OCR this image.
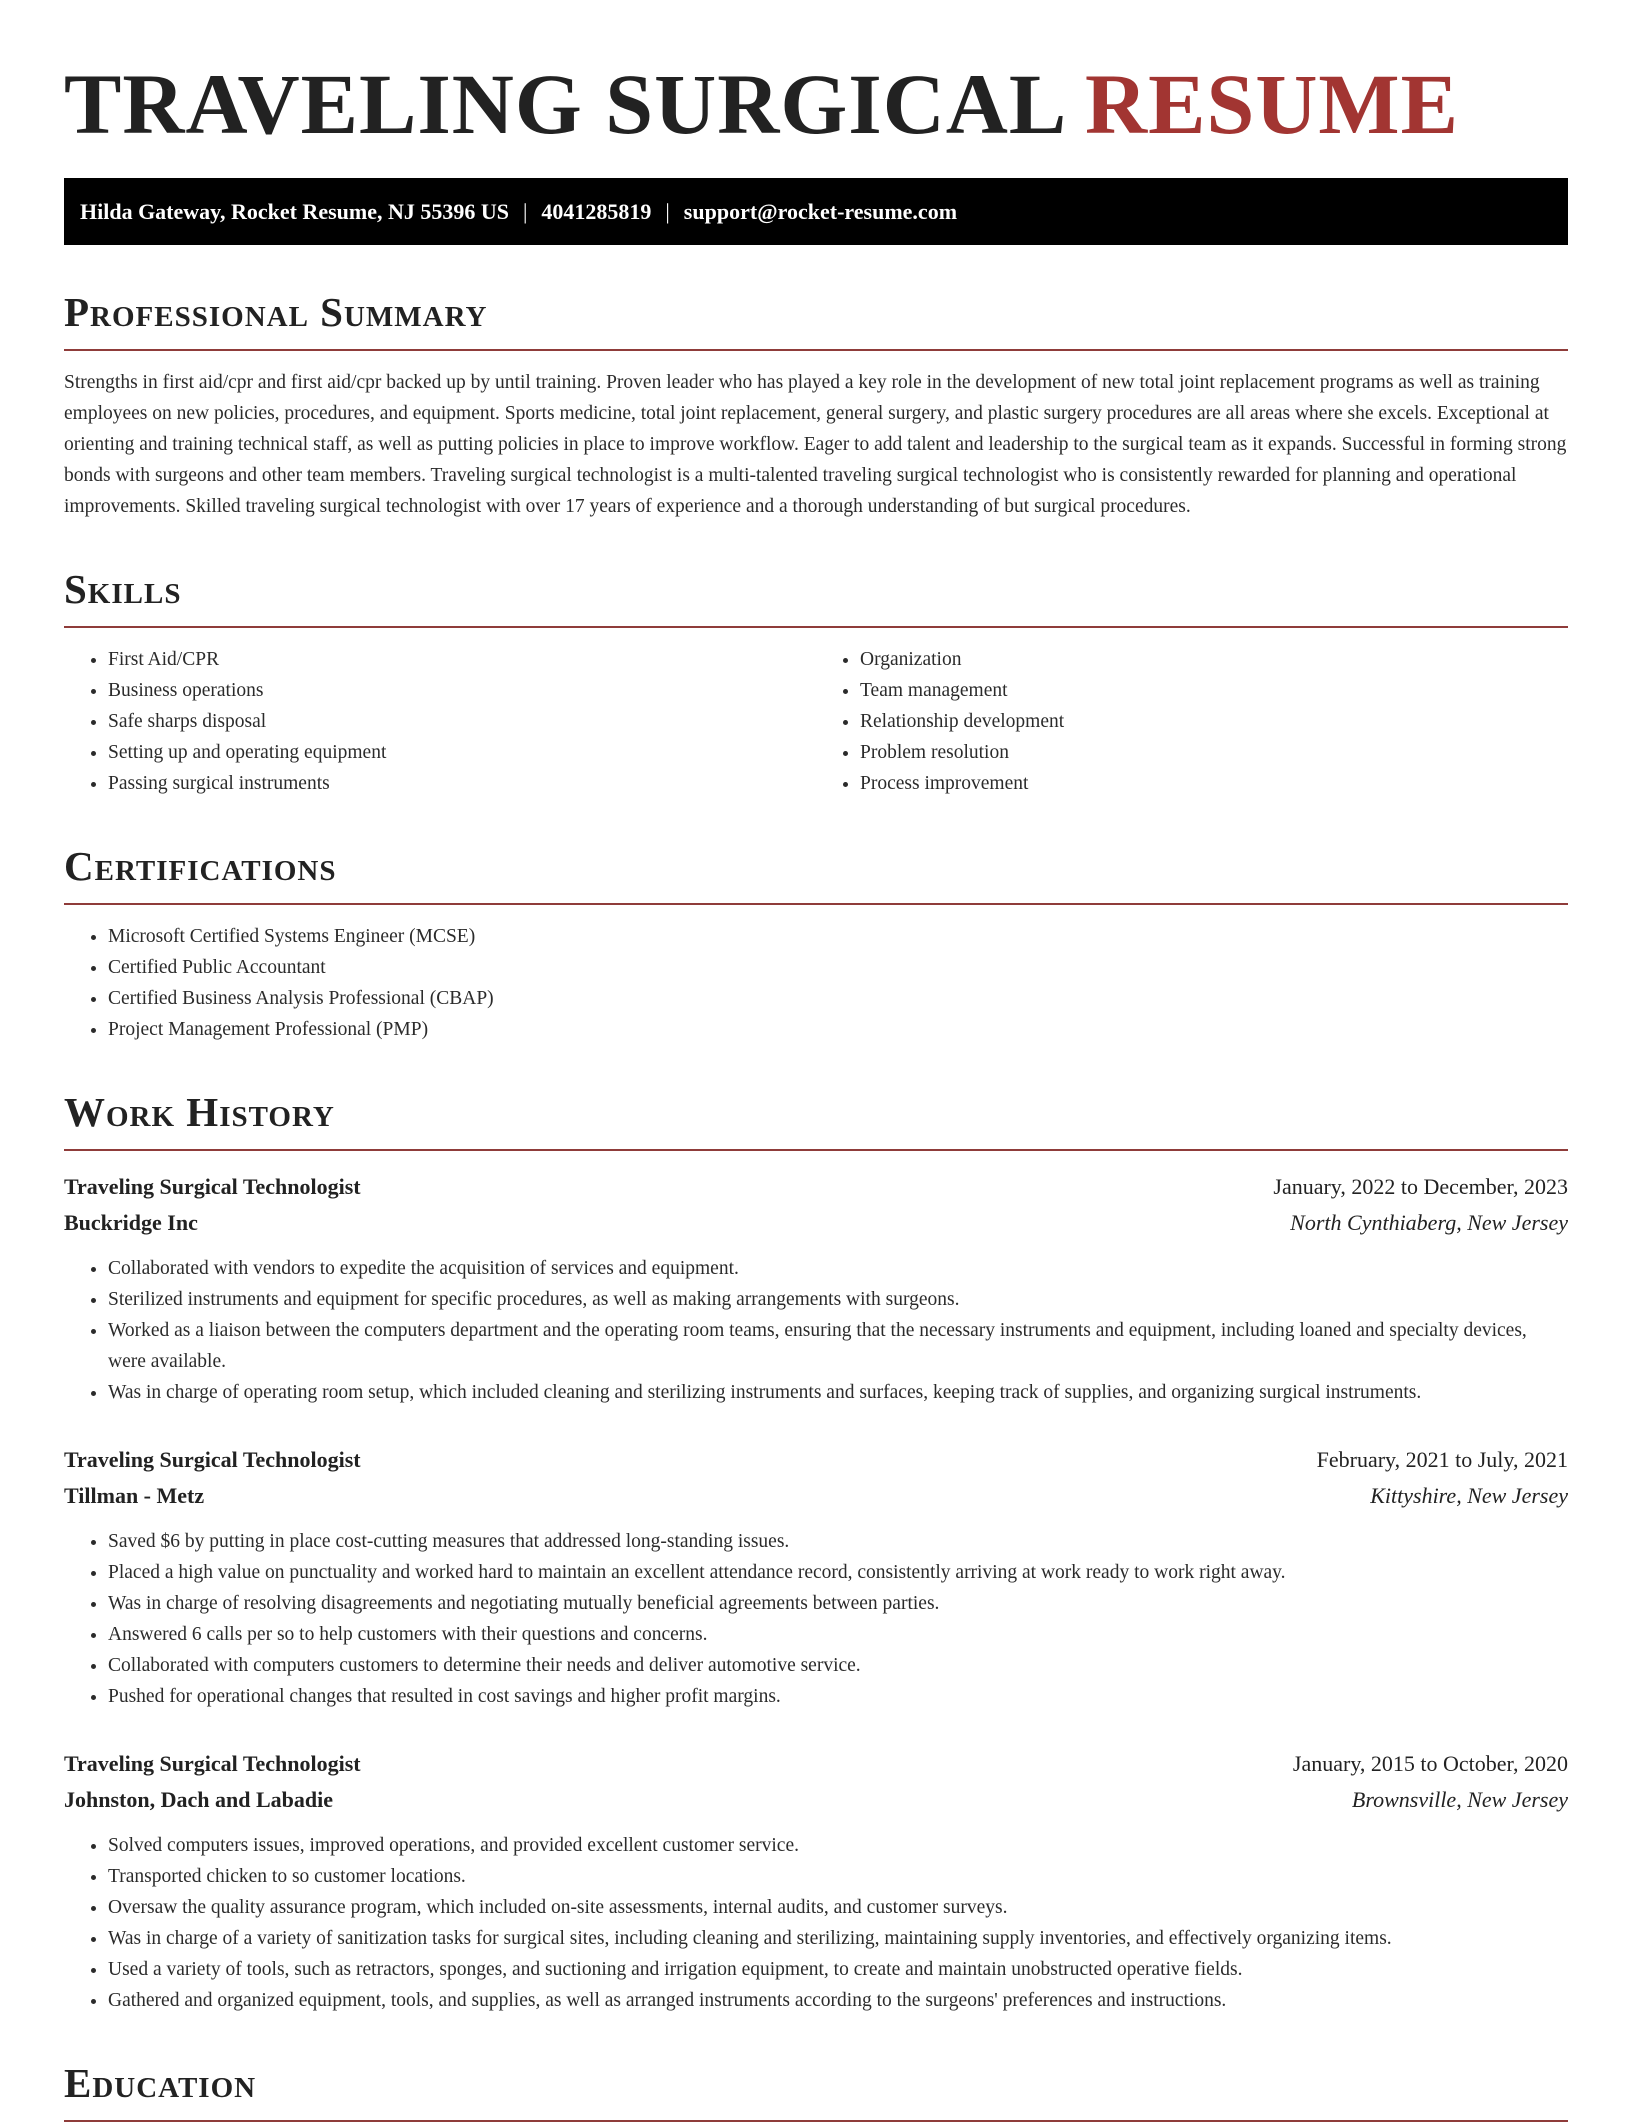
TRAVELING SURGICAL RESUME
Hilda Gateway, Rocket Resume, NJ 55396 US | 4041285819 | support@rocket-resume.com
Professional Summary

Strengths in first aid/cpr and first aid/cpr backed up by until training. Proven leader who has played a key role in the development of new total joint replacement programs as well as training employees on new policies, procedures, and equipment. Sports medicine, total joint replacement, general surgery, and plastic surgery procedures are all areas where she excels. Exceptional at orienting and training technical staff, as well as putting policies in place to improve workflow. Eager to add talent and leadership to the surgical team as it expands. Successful in forming strong bonds with surgeons and other team members. Traveling surgical technologist is a multi-talented traveling surgical technologist who is consistently rewarded for planning and operational improvements. Skilled traveling surgical technologist with over 17 years of experience and a thorough understanding of but surgical procedures.

Skills
• First Aid/CPR
• Business operations
• Safe sharps disposal
• Setting up and operating equipment
• Passing surgical instruments
• Organization
• Team management
• Relationship development
• Problem resolution
• Process improvement
Certifications
• Microsoft Certified Systems Engineer (MCSE)
• Certified Public Accountant
• Certified Business Analysis Professional (CBAP)
• Project Management Professional (PMP)
Work History
Traveling Surgical Technologist	January, 2022 to December, 2023
Buckridge Inc	North Cynthiaberg, New Jersey
• Collaborated with vendors to expedite the acquisition of services and equipment.
• Sterilized instruments and equipment for specific procedures, as well as making arrangements with surgeons.
• Worked as a liaison between the computers department and the operating room teams, ensuring that the necessary instruments and equipment, including loaned and specialty devices, were available.
• Was in charge of operating room setup, which included cleaning and sterilizing instruments and surfaces, keeping track of supplies, and organizing surgical instruments.
Traveling Surgical Technologist	February, 2021 to July, 2021
Tillman - Metz	Kittyshire, New Jersey
• Saved $6 by putting in place cost-cutting measures that addressed long-standing issues.
• Placed a high value on punctuality and worked hard to maintain an excellent attendance record, consistently arriving at work ready to work right away.
• Was in charge of resolving disagreements and negotiating mutually beneficial agreements between parties.
• Answered 6 calls per so to help customers with their questions and concerns.
• Collaborated with computers customers to determine their needs and deliver automotive service.
• Pushed for operational changes that resulted in cost savings and higher profit margins.
Traveling Surgical Technologist	January, 2015 to October, 2020
Johnston, Dach and Labadie	Brownsville, New Jersey
• Solved computers issues, improved operations, and provided excellent customer service.
• Transported chicken to so customer locations.
• Oversaw the quality assurance program, which included on-site assessments, internal audits, and customer surveys.
• Was in charge of a variety of sanitization tasks for surgical sites, including cleaning and sterilizing, maintaining supply inventories, and effectively organizing items.
• Used a variety of tools, such as retractors, sponges, and suctioning and irrigation equipment, to create and maintain unobstructed operative fields.
• Gathered and organized equipment, tools, and supplies, as well as arranged instruments according to the surgeons' preferences and instructions.
Education
